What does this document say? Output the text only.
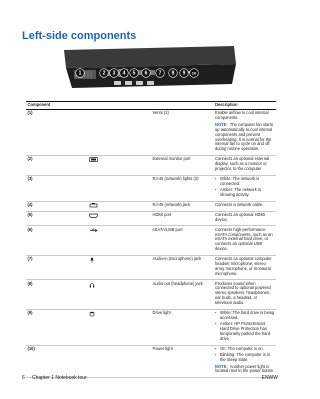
Left-side components
1	2 3 4 5 6 7 8 9 10
Component			Description
(1)		Vents (2)	Enable airflow to cool internal components.
NOTE: The computer fan starts up automatically to cool internal components and prevent overheating. It is normal for the internal fan to cycle on and off during routine operation.

(2)		External monitor port	Connects an optional external display, such as a monitor or projector, to the computer.

(3)		RJ-45 (network) lights (2)	▪ White: The network is connected.
▪ Amber: The network is showing activity.

(4)		RJ-45 (network) jack	Connects a network cable.

(5)		HDMI port	Connects an optional HDMI device.

(6)		eSATA/USB port	Connects high-performance eSATA components, such as an eSATA external hard drive, or connects an optional USB device.

(7)		Audio-in (microphone) jack	Connects an optional computer headset microphone, stereo array microphone, or monaural microphone.

(8)		Audio-out (headphone) jack	Produces sound when connected to optional powered stereo speakers, headphones, ear buds, a headset, or television audio.

(9)		Drive light	▪ White: The hard drive is being accessed.
▪ Amber: HP ProtectSmart Hard Drive Protection has temporarily parked the hard drive.

(10)		Power light	▪ On: The computer is on.
▪ Blinking: The computer is in the Sleep state.
NOTE: Another power light is located next to the power button.
6 Chapter 1 Notebook tour	ENWW
